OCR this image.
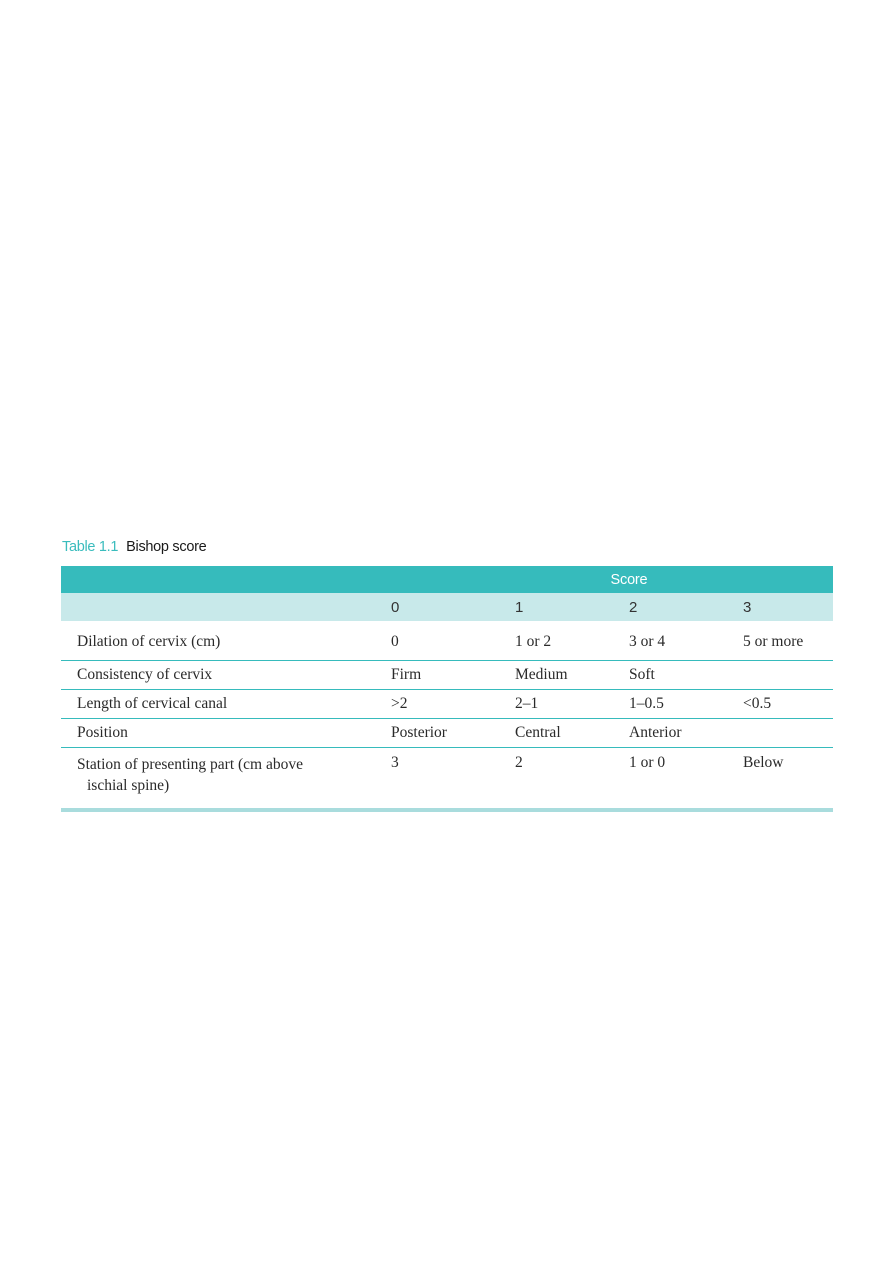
Table 1.1 Bishop score
		Score		
	0	1	2	3
Dilation of cervix (cm)	0	1 or 2	3 or 4	5 or more
Consistency of cervix	Firm	Medium	Soft	
Length of cervical canal	>2	2–1	1–0.5	<0.5
Position	Posterior	Central	Anterior	

Station of presenting part (cm above
ischial spine)	3	2	1 or 0	Below
